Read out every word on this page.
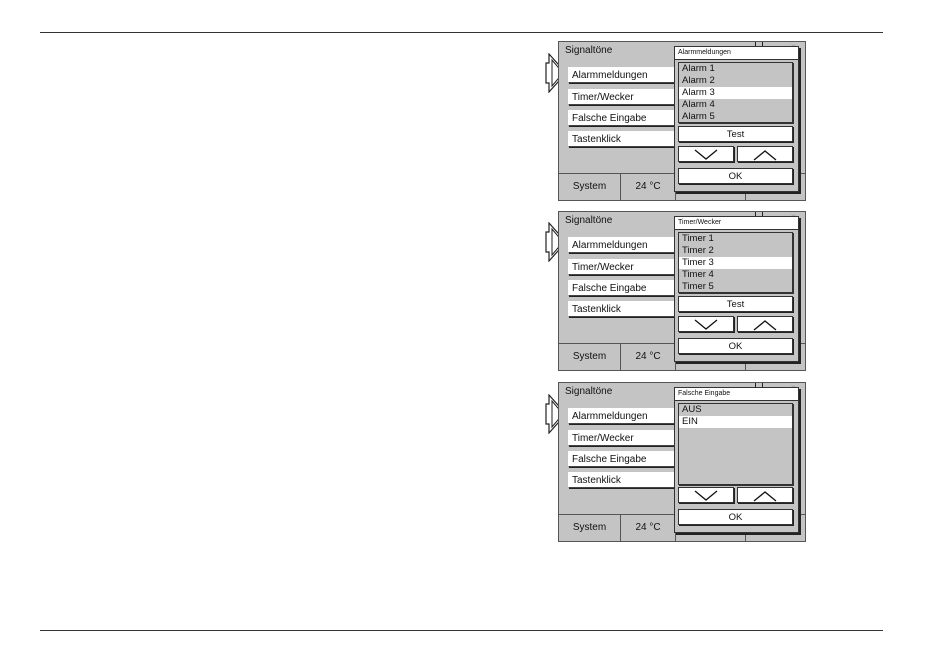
Signaltöne
Alarmmeldungen
Timer/Wecker
Falsche Eingabe
Tastenklick
System	24 °C
Alarmmeldungen
Alarm 1
Alarm 2
Alarm 3
Alarm 4
Alarm 5
Test
OK
Signaltöne
Alarmmeldungen
Timer/Wecker
Falsche Eingabe
Tastenklick
System	24 °C
Timer/Wecker
Timer 1
Timer 2
Timer 3
Timer 4
Timer 5
Test
OK
Signaltöne
Alarmmeldungen
Timer/Wecker
Falsche Eingabe
Tastenklick
System	24 °C
Falsche Eingabe
AUS
EIN
OK
